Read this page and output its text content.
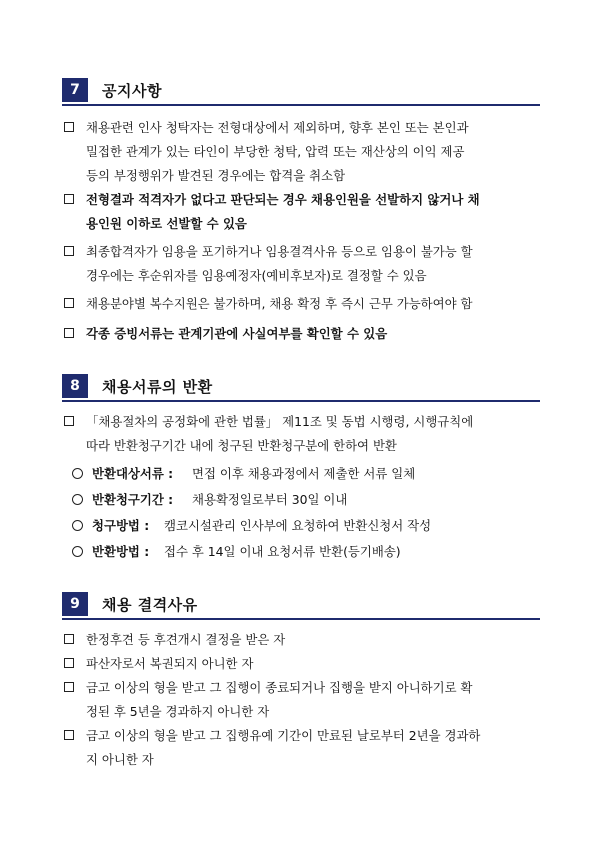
7	공지사항
채용관련 인사 청탁자는 전형대상에서 제외하며, 향후 본인 또는 본인과
밀접한 관계가 있는 타인이 부당한 청탁, 압력 또는 재산상의 이익 제공
등의 부정행위가 발견된 경우에는 합격을 취소함
전형결과 적격자가 없다고 판단되는 경우 채용인원을 선발하지 않거나 채
용인원 이하로 선발할 수 있음
최종합격자가 임용을 포기하거나 임용결격사유 등으로 임용이 불가능 할
경우에는 후순위자를 임용예정자(예비후보자)로 결정할 수 있음
채용분야별 복수지원은 불가하며, 채용 확정 후 즉시 근무 가능하여야 함
각종 증빙서류는 관계기관에 사실여부를 확인할 수 있음
8	채용서류의 반환
「채용절차의 공정화에 관한 법률」 제11조 및 동법 시행령, 시행규칙에
따라 반환청구기간 내에 청구된 반환청구분에 한하여 반환
반환대상서류 : 면접 이후 채용과정에서 제출한 서류 일체
반환청구기간 : 채용확정일로부터 30일 이내
청구방법 : 캠코시설관리 인사부에 요청하여 반환신청서 작성
반환방법 : 접수 후 14일 이내 요청서류 반환(등기배송)
9	채용 결격사유
한정후견 등 후견개시 결정을 받은 자
파산자로서 복권되지 아니한 자
금고 이상의 형을 받고 그 집행이 종료되거나 집행을 받지 아니하기로 확
정된 후 5년을 경과하지 아니한 자
금고 이상의 형을 받고 그 집행유예 기간이 만료된 날로부터 2년을 경과하
지 아니한 자
